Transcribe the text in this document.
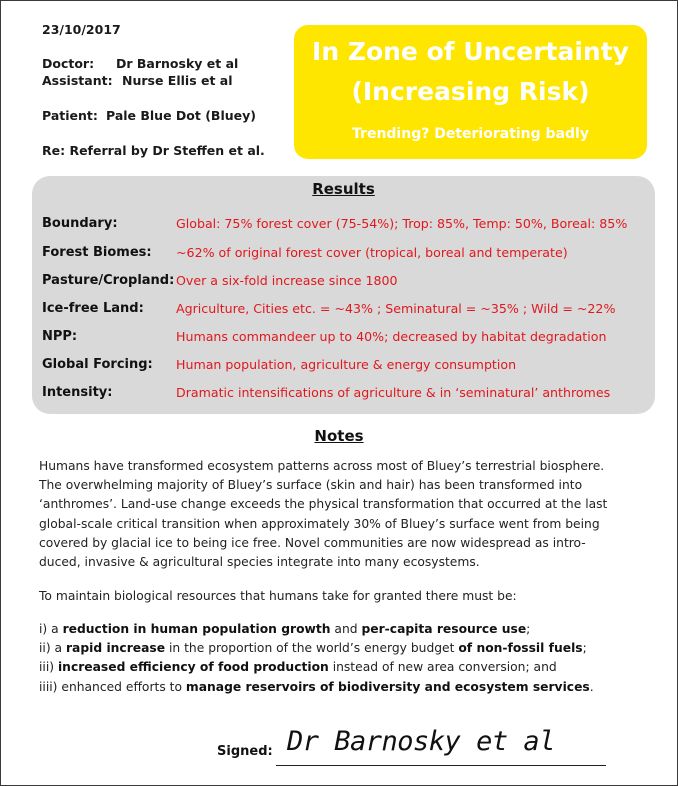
23/10/2017
Doctor: Dr Barnosky et al
Assistant: Nurse Ellis et al
Patient: Pale Blue Dot (Bluey)
Re: Referral by Dr Steffen et al.
In Zone of Uncertainty
(Increasing Risk)
Trending? Deteriorating badly
Results
Boundary:	Global: 75% forest cover (75-54%); Trop: 85%, Temp: 50%, Boreal: 85%
Forest Biomes: ~62% of original forest cover (tropical, boreal and temperate)
Pasture/Cropland: Over a six-fold increase since 1800
Ice-free Land:	Agriculture, Cities etc. = ~43% ; Seminatural = ~35% ; Wild = ~22%
NPP:	Humans commandeer up to 40%; decreased by habitat degradation
Global Forcing: Human population, agriculture & energy consumption
Intensity:	Dramatic intensifications of agriculture & in ‘seminatural’ anthromes
Notes
Humans have transformed ecosystem patterns across most of Bluey’s terrestrial biosphere.
The overwhelming majority of Bluey’s surface (skin and hair) has been transformed into
‘anthromes’. Land-use change exceeds the physical transformation that occurred at the last
global-scale critical transition when approximately 30% of Bluey’s surface went from being
covered by glacial ice to being ice free. Novel communities are now widespread as intro-
duced, invasive & agricultural species integrate into many ecosystems.
To maintain biological resources that humans take for granted there must be:
i) a reduction in human population growth and per-capita resource use;
ii) a rapid increase in the proportion of the world’s energy budget of non-fossil fuels;
iii) increased efficiency of food production instead of new area conversion; and
iiii) enhanced efforts to manage reservoirs of biodiversity and ecosystem services.
Signed: Dr Barnosky et al
